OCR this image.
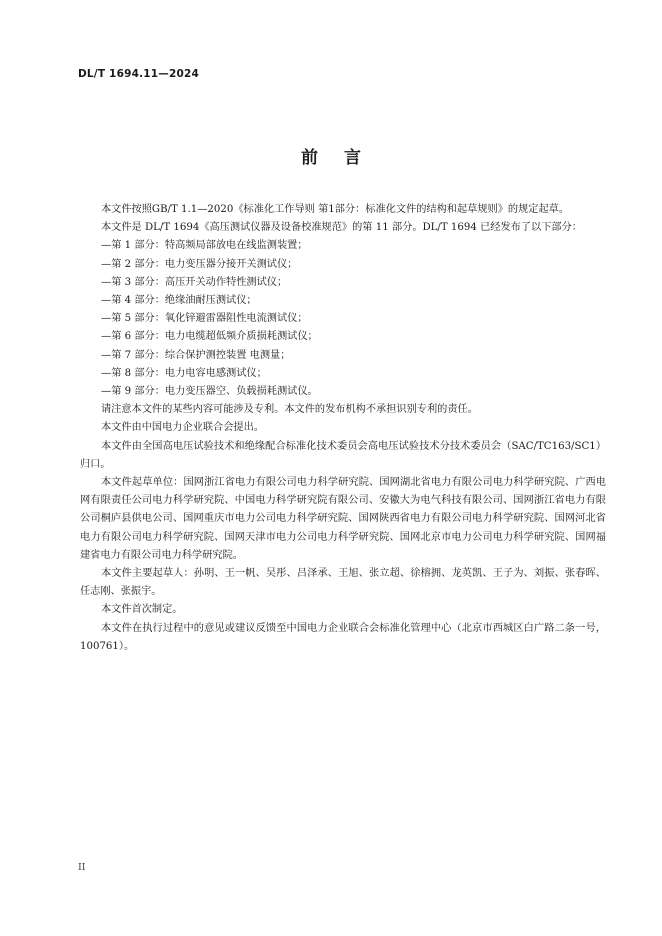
DL/T 1694.11—2024
前言

本文件按照GB/T 1.1—2020《标准化工作导则 第1部分：标准化文件的结构和起草规则》的规定起草。

本文件是 DL/T 1694《高压测试仪器及设备校准规范》的第 11 部分。DL/T 1694 已经发布了以下部分：

—第 1 部分：特高频局部放电在线监测装置；

—第 2 部分：电力变压器分接开关测试仪；

—第 3 部分：高压开关动作特性测试仪；

—第 4 部分：绝缘油耐压测试仪；

—第 5 部分：氧化锌避雷器阻性电流测试仪；

—第 6 部分：电力电缆超低频介质损耗测试仪；

—第 7 部分：综合保护测控装置 电测量；

—第 8 部分：电力电容电感测试仪；

—第 9 部分：电力变压器空、负载损耗测试仪。

请注意本文件的某些内容可能涉及专利。本文件的发布机构不承担识别专利的责任。

本文件由中国电力企业联合会提出。

本文件由全国高电压试验技术和绝缘配合标准化技术委员会高电压试验技术分技术委员会（SAC/TC163/SC1）归口。

本文件起草单位：国网浙江省电力有限公司电力科学研究院、国网湖北省电力有限公司电力科学研究院、广西电网有限责任公司电力科学研究院、中国电力科学研究院有限公司、安徽大为电气科技有限公司、国网浙江省电力有限公司桐庐县供电公司、国网重庆市电力公司电力科学研究院、国网陕西省电力有限公司电力科学研究院、国网河北省电力有限公司电力科学研究院、国网天津市电力公司电力科学研究院、国网北京市电力公司电力科学研究院、国网福建省电力有限公司电力科学研究院。

本文件主要起草人：孙明、王一帆、吴彤、吕泽承、王旭、张立超、徐榕拥、龙英凯、王子为、刘振、张春晖、任志刚、张振宇。

本文件首次制定。

本文件在执行过程中的意见或建议反馈至中国电力企业联合会标准化管理中心（北京市西城区白广路二条一号，100761）。

II
